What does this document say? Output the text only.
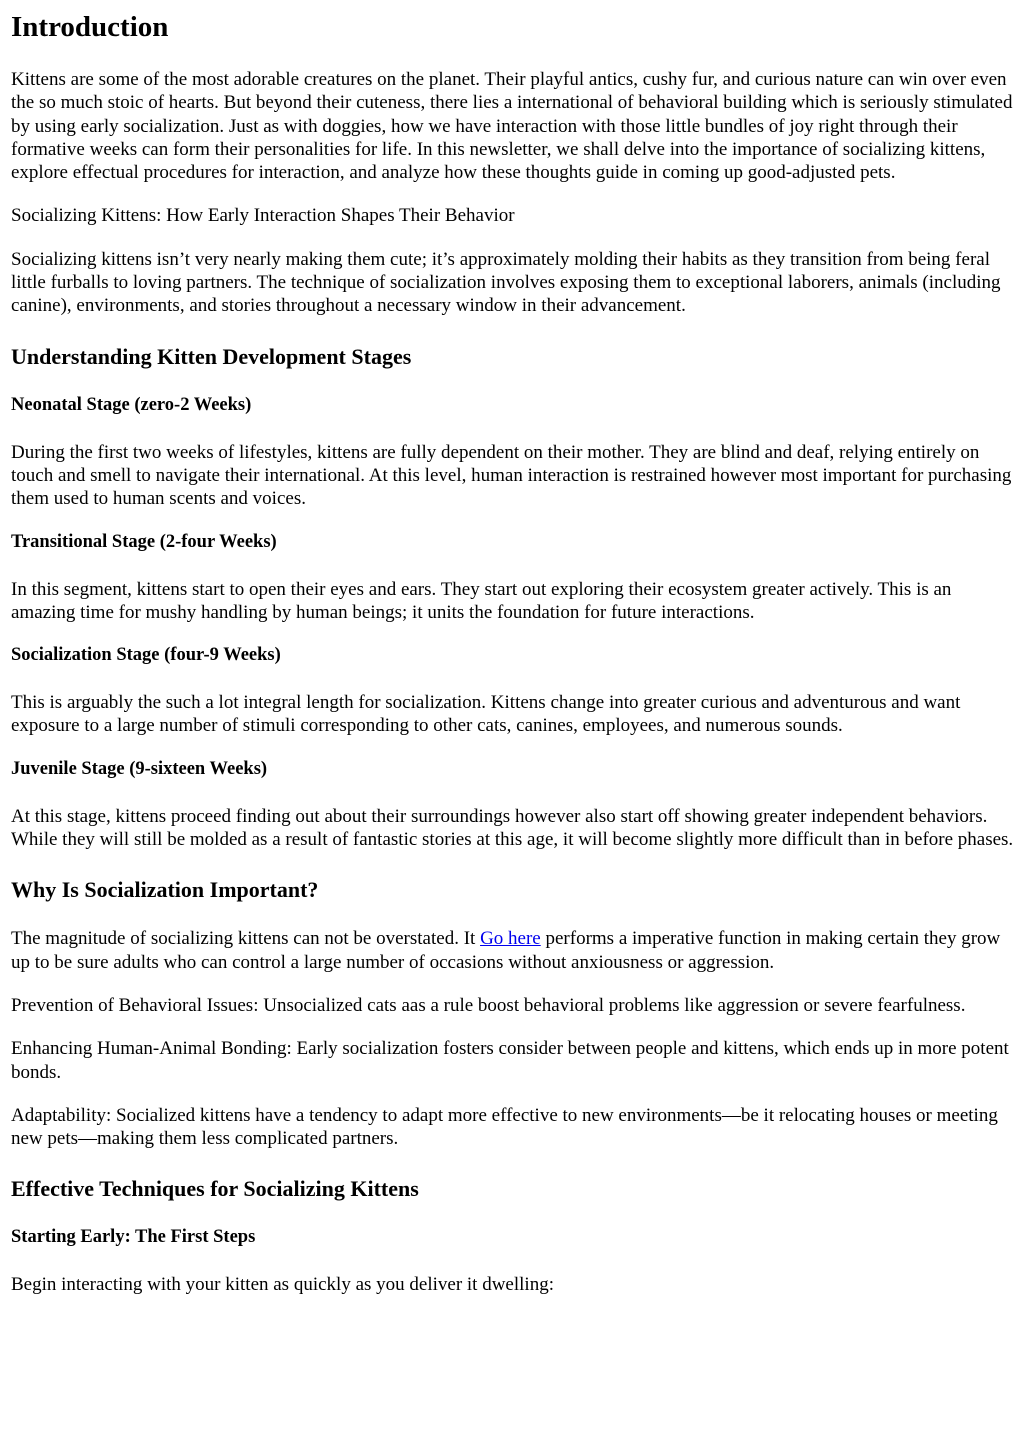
Introduction

Kittens are some of the most adorable creatures on the planet. Their playful antics, cushy fur, and curious nature can win over even the so much stoic of hearts. But beyond their cuteness, there lies a international of behavioral building which is seriously stimulated by using early socialization. Just as with doggies, how we have interaction with those little bundles of joy right through their formative weeks can form their personalities for life. In this newsletter, we shall delve into the importance of socializing kittens, explore effectual procedures for interaction, and analyze how these thoughts guide in coming up good-adjusted pets.

Socializing Kittens: How Early Interaction Shapes Their Behavior

Socializing kittens isn’t very nearly making them cute; it’s approximately molding their habits as they transition from being feral little furballs to loving partners. The technique of socialization involves exposing them to exceptional laborers, animals (including canine), environments, and stories throughout a necessary window in their advancement.

Understanding Kitten Development Stages
Neonatal Stage (zero-2 Weeks)

During the first two weeks of lifestyles, kittens are fully dependent on their mother. They are blind and deaf, relying entirely on touch and smell to navigate their international. At this level, human interaction is restrained however most important for purchasing them used to human scents and voices.

Transitional Stage (2-four Weeks)

In this segment, kittens start to open their eyes and ears. They start out exploring their ecosystem greater actively. This is an amazing time for mushy handling by human beings; it units the foundation for future interactions.

Socialization Stage (four-9 Weeks)

This is arguably the such a lot integral length for socialization. Kittens change into greater curious and adventurous and want exposure to a large number of stimuli corresponding to other cats, canines, employees, and numerous sounds.

Juvenile Stage (9-sixteen Weeks)

At this stage, kittens proceed finding out about their surroundings however also start off showing greater independent behaviors. While they will still be molded as a result of fantastic stories at this age, it will become slightly more difficult than in before phases.

Why Is Socialization Important?

The magnitude of socializing kittens can not be overstated. It Go here performs a imperative function in making certain they grow up to be sure adults who can control a large number of occasions without anxiousness or aggression.

Prevention of Behavioral Issues: Unsocialized cats aas a rule boost behavioral problems like aggression or severe fearfulness.

Enhancing Human-Animal Bonding: Early socialization fosters consider between people and kittens, which ends up in more potent bonds.

Adaptability: Socialized kittens have a tendency to adapt more effective to new environments—be it relocating houses or meeting new pets—making them less complicated partners.

Effective Techniques for Socializing Kittens
Starting Early: The First Steps

Begin interacting with your kitten as quickly as you deliver it dwelling:
